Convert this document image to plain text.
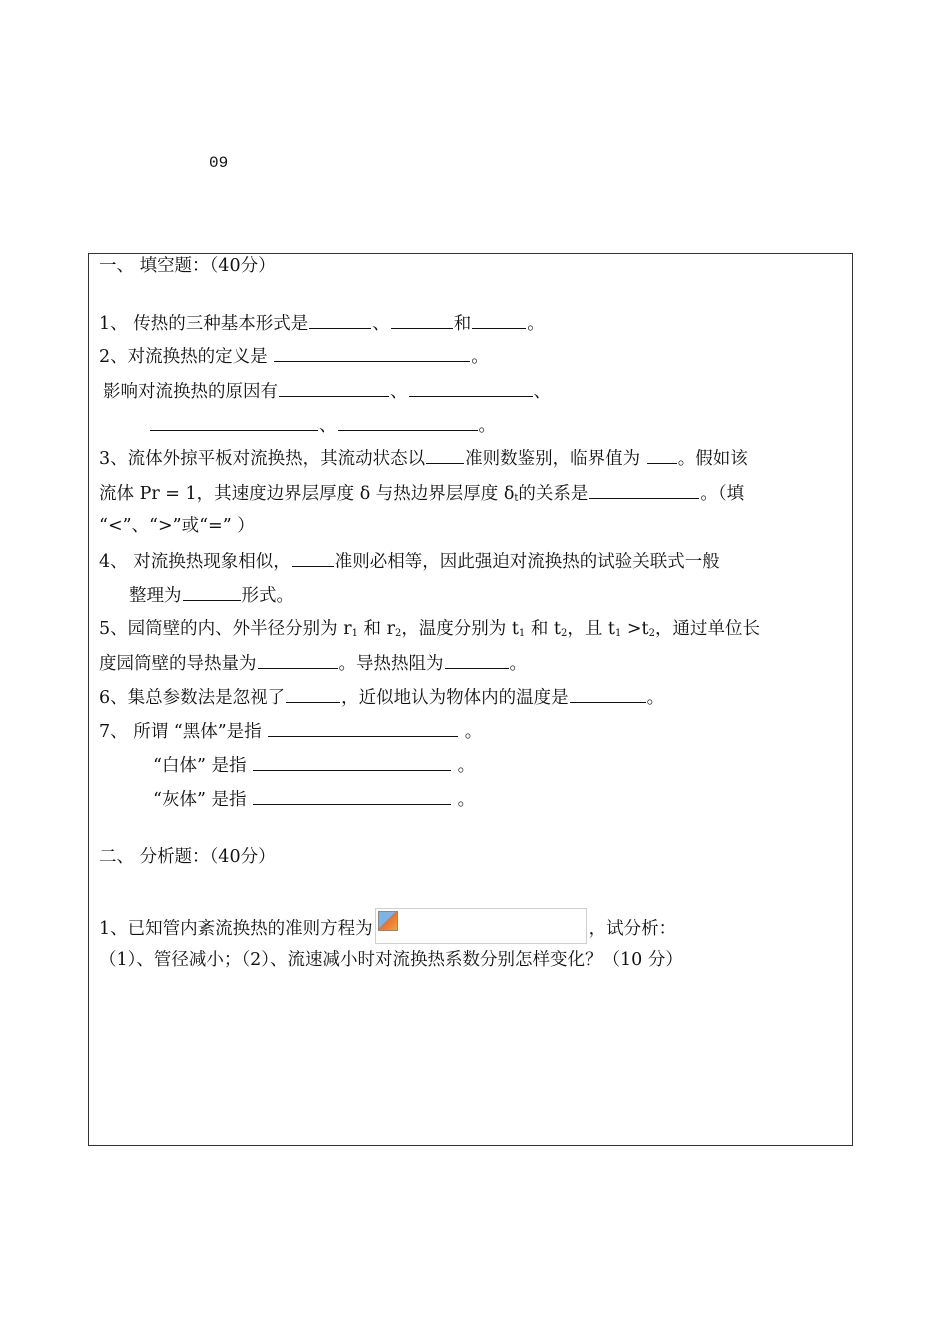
09
一、 填空题：（40分）
1、 传热的三种基本形式是	、	和	。
2、对流换热的定义是	。
影响对流换热的原因有	、	、
、	。
3、流体外掠平板对流换热，其流动状态以 准则数鉴别，临界值为 。假如该
流体 Pr = 1，其速度边界层厚度 δ 与热边界层厚度 $\delta_t$的关系是	。（填
“<”、“>”或“=” ）
4、 对流换热现象相似，	准则必相等，因此强迫对流换热的试验关联式一般
整理为	形式。
5、园筒壁的内、外半径分别为 $r_1$ 和 $r_2$，温度分别为 $t_1$ 和 $t_2$，且 $t_1 >t_2$，通过单位长
度园筒壁的导热量为	。导热热阻为	。
6、集总参数法是忽视了	，近似地认为物体内的温度是	。
7、 所谓 “黑体”是指	。
“白体” 是指	。
“灰体” 是指	。
二、 分析题：（40分）
1、已知管内紊流换热的准则方程为	，试分析：
（1）、管径减小；（2）、流速减小时对流换热系数分别怎样变化？（10 分）
